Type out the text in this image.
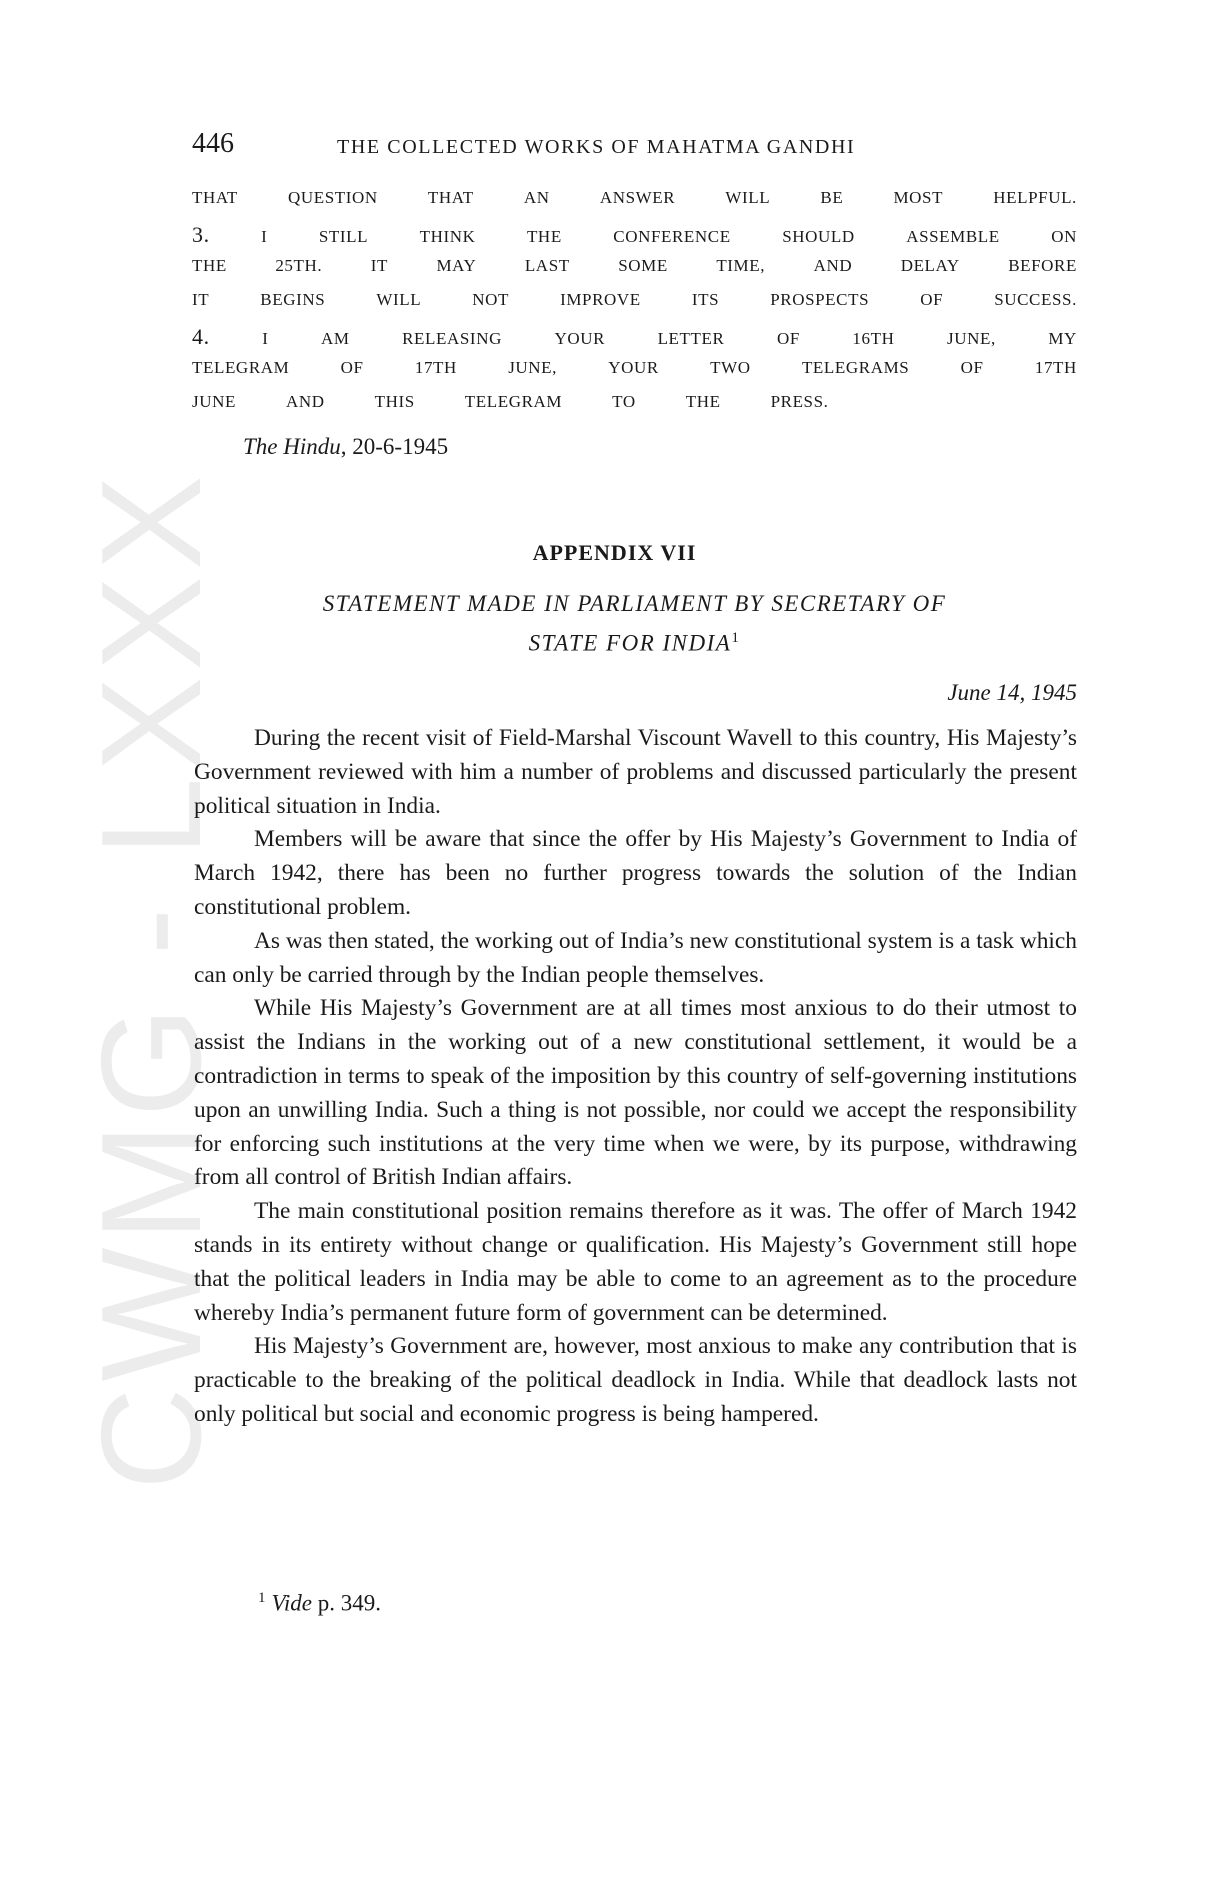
CWMG - LXXX
446	THE COLLECTED WORKS OF MAHATMA GANDHI
THAT	QUESTION	THAT	AN	ANSWER	WILL	BE	MOST	HELPFUL.
3.	I	STILL	THINK	THE	CONFERENCE	SHOULD	ASSEMBLE	ON
THE	25TH.	IT	MAY	LAST	SOME	TIME,	AND	DELAY	BEFORE
IT	BEGINS	WILL	NOT	IMPROVE	ITS	PROSPECTS	OF	SUCCESS.
4.	I	AM	RELEASING	YOUR	LETTER	OF	16TH	JUNE,	MY
TELEGRAM	OF	17TH	JUNE,	YOUR	TWO	TELEGRAMS	OF	17TH
JUNE	AND	THIS	TELEGRAM	TO	THE	PRESS.
The Hindu, 20-6-1945
APPENDIX VII
STATEMENT MADE IN PARLIAMENT BY SECRETARY OF
STATE FOR INDIA$^1$
June 14, 1945

During the recent visit of Field-Marshal Viscount Wavell to this country, His Majesty’s Government reviewed with him a number of problems and discussed particularly the present political situation in India.

Members will be aware that since the offer by His Majesty’s Government to India of March 1942, there has been no further progress towards the solution of the Indian constitutional problem.

As was then stated, the working out of India’s new constitutional system is a task which can only be carried through by the Indian people themselves.

While His Majesty’s Government are at all times most anxious to do their utmost to assist the Indians in the working out of a new constitutional settlement, it would be a contradiction in terms to speak of the imposition by this country of self-governing institutions upon an unwilling India. Such a thing is not possible, nor could we accept the responsibility for enforcing such institutions at the very time when we were, by its purpose, withdrawing from all control of British Indian affairs.

The main constitutional position remains therefore as it was. The offer of March 1942 stands in its entirety without change or qualification. His Majesty’s Government still hope that the political leaders in India may be able to come to an agreement as to the procedure whereby India’s permanent future form of government can be determined.

His Majesty’s Government are, however, most anxious to make any contribution that is practicable to the breaking of the political deadlock in India. While that deadlock lasts not only political but social and economic progress is being hampered.

$^1$ Vide p. 349.
